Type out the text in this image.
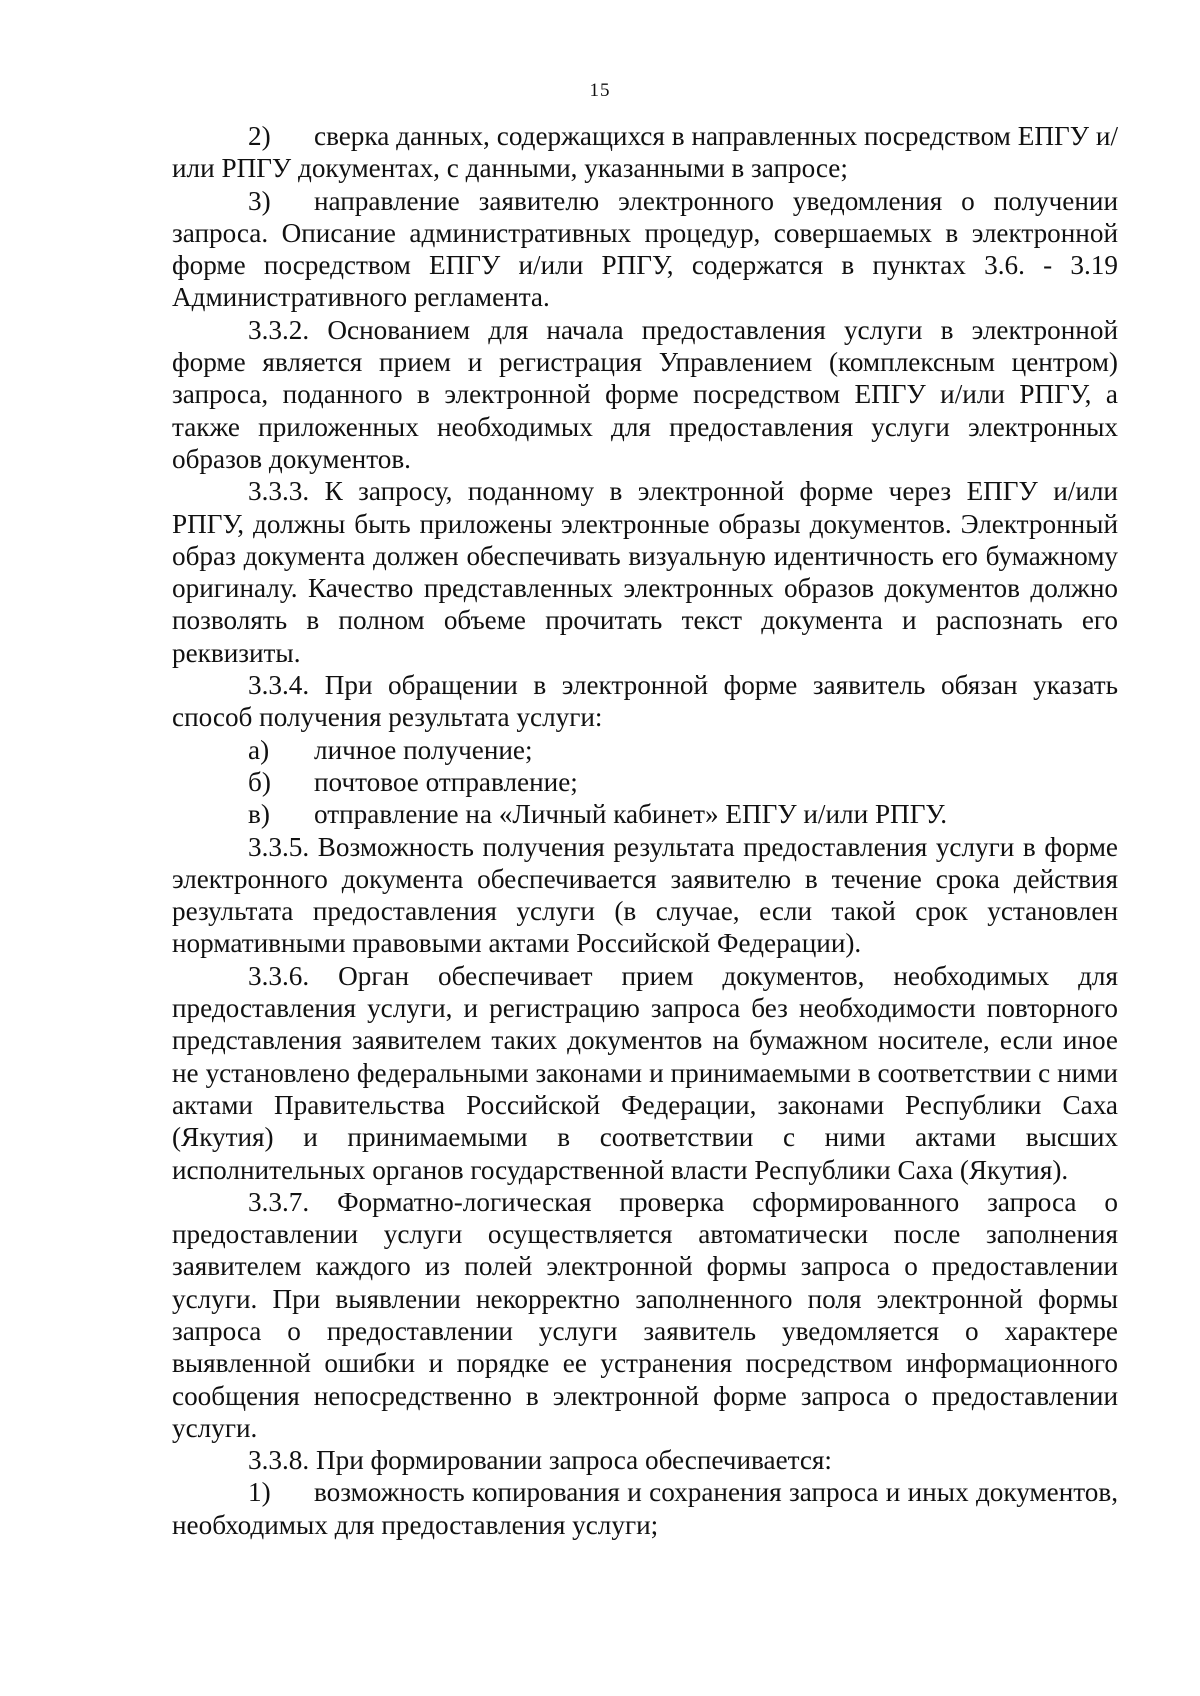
15

2) сверка данных, содержащихся в направленных посредством ЕПГУ и/или РПГУ документах, с данными, указанными в запросе;

3) направление заявителю электронного уведомления о получении запроса. Описание административных процедур, совершаемых в электронной форме посредством ЕПГУ и/или РПГУ, содержатся в пунктах 3.6. - 3.19 Административного регламента.

3.3.2. Основанием для начала предоставления услуги в электронной форме является прием и регистрация Управлением (комплексным центром) запроса, поданного в электронной форме посредством ЕПГУ и/или РПГУ, а также приложенных необходимых для предоставления услуги электронных образов документов.

3.3.3. К запросу, поданному в электронной форме через ЕПГУ и/или РПГУ, должны быть приложены электронные образы документов. Электронный образ документа должен обеспечивать визуальную идентичность его бумажному оригиналу. Качество представленных электронных образов документов должно позволять в полном объеме прочитать текст документа и распознать его реквизиты.

3.3.4. При обращении в электронной форме заявитель обязан указать способ получения результата услуги:

а) личное получение;
б) почтовое отправление;
в) отправление на «Личный кабинет» ЕПГУ и/или РПГУ.

3.3.5. Возможность получения результата предоставления услуги в форме электронного документа обеспечивается заявителю в течение срока действия результата предоставления услуги (в случае, если такой срок установлен нормативными правовыми актами Российской Федерации).

3.3.6. Орган обеспечивает прием документов, необходимых для предоставления услуги, и регистрацию запроса без необходимости повторного представления заявителем таких документов на бумажном носителе, если иное не установлено федеральными законами и принимаемыми в соответствии с ними актами Правительства Российской Федерации, законами Республики Саха (Якутия) и принимаемыми в соответствии с ними актами высших исполнительных органов государственной власти Республики Саха (Якутия).

3.3.7. Форматно-логическая проверка сформированного запроса о предоставлении услуги осуществляется автоматически после заполнения заявителем каждого из полей электронной формы запроса о предоставлении услуги. При выявлении некорректно заполненного поля электронной формы запроса о предоставлении услуги заявитель уведомляется о характере выявленной ошибки и порядке ее устранения посредством информационного сообщения непосредственно в электронной форме запроса о предоставлении услуги.

3.3.8. При формировании запроса обеспечивается:

1) возможность копирования и сохранения запроса и иных документов, необходимых для предоставления услуги;
